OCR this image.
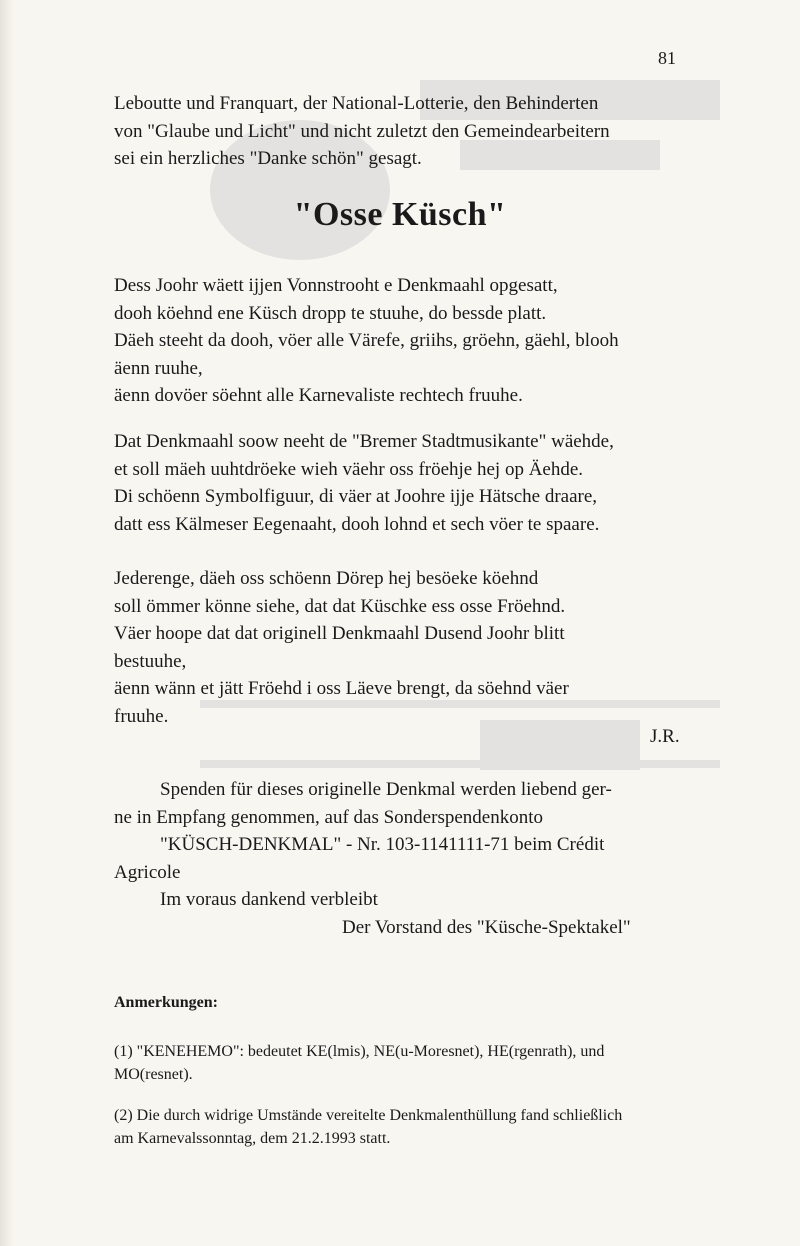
81
Leboutte und Franquart, der National-Lotterie, den Behinderten
von "Glaube und Licht" und nicht zuletzt den Gemeindearbeitern
sei ein herzliches "Danke schön" gesagt.
"Osse Küsch"
Dess Joohr wäett ijjen Vonnstrooht e Denkmaahl opgesatt,
dooh köehnd ene Küsch dropp te stuuhe, do bessde platt.
Däeh steeht da dooh, vöer alle Värefe, griihs, gröehn, gäehl, blooh
äenn ruuhe,
äenn dovöer söehnt alle Karnevaliste rechtech fruuhe.
Dat Denkmaahl soow neeht de "Bremer Stadtmusikante" wäehde,
et soll mäeh uuhtdröeke wieh väehr oss fröehje hej op Äehde.
Di schöenn Symbolfiguur, di väer at Joohre ijje Hätsche draare,
datt ess Kälmeser Eegenaaht, dooh lohnd et sech vöer te spaare.
Jederenge, däeh oss schöenn Dörep hej besöeke köehnd
soll ömmer könne siehe, dat dat Küschke ess osse Fröehnd.
Väer hoope dat dat originell Denkmaahl Dusend Joohr blitt
bestuuhe,
äenn wänn et jätt Fröehd i oss Läeve brengt, da söehnd väer
fruuhe.
J.R.
Spenden für dieses originelle Denkmal werden liebend ger-
ne in Empfang genommen, auf das Sonderspendenkonto
"KÜSCH-DENKMAL" - Nr. 103-1141111-71 beim Crédit
Agricole
Im voraus dankend verbleibt
Der Vorstand des "Küsche-Spektakel"
Anmerkungen:
(1) "KENEHEMO": bedeutet KE(lmis), NE(u-Moresnet), HE(rgenrath), und
MO(resnet).
(2) Die durch widrige Umstände vereitelte Denkmalenthüllung fand schließlich
am Karnevalssonntag, dem 21.2.1993 statt.
